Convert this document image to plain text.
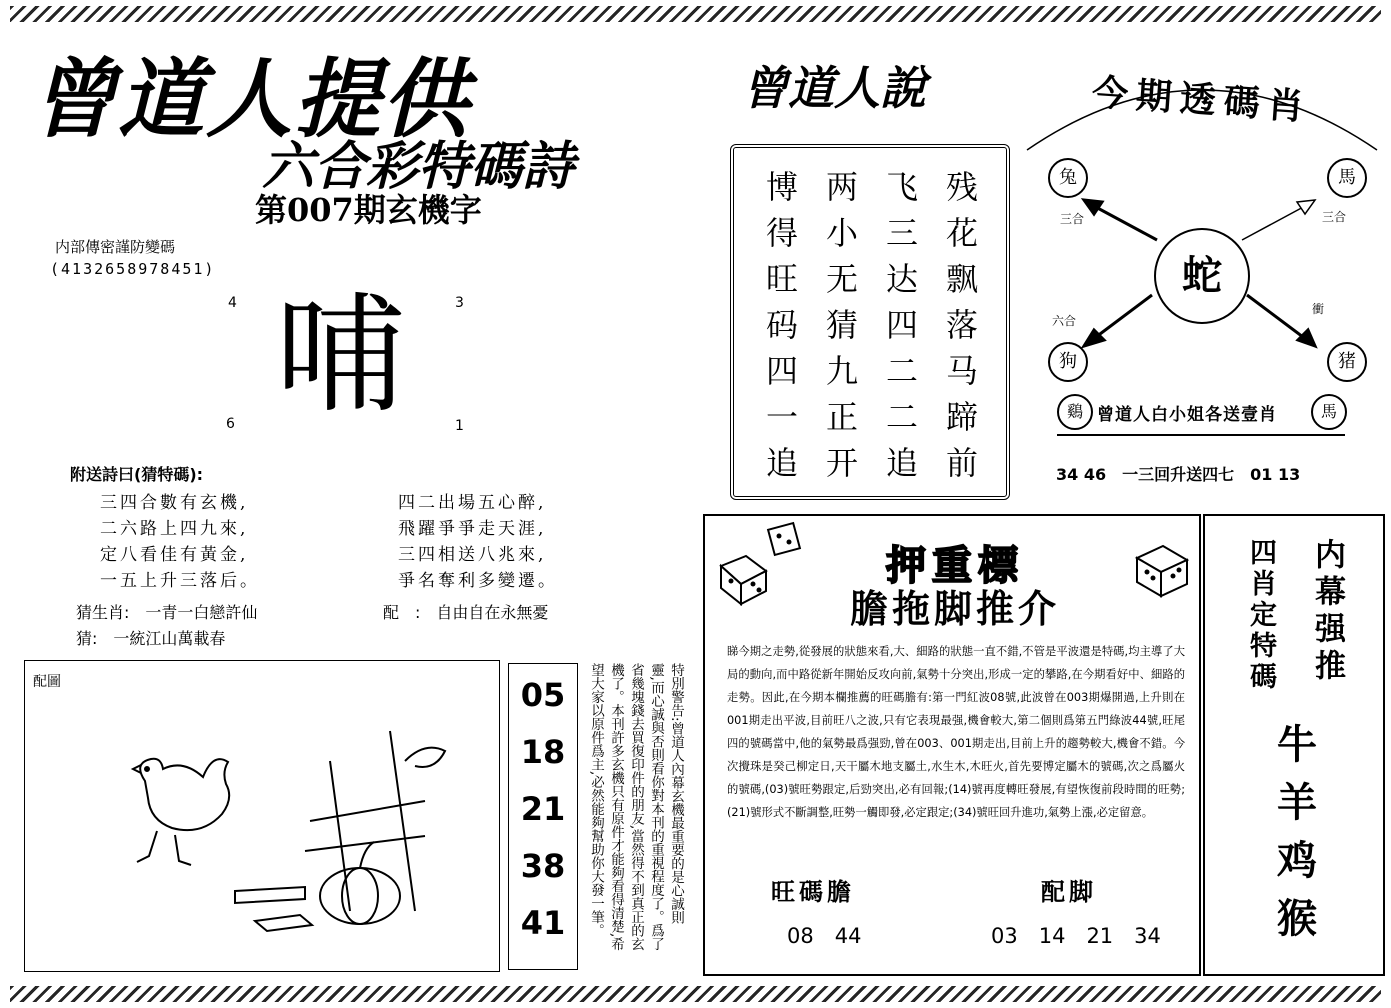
曾道人提供
六合彩特碼詩
第007期玄機字
内部傳密謹防變碼
(4132658978451)
4	3
6	1
哺
附送詩曰(猜特碼):
三四合數有玄機,
二六路上四九來,
定八看佳有黃金,
一五上升三落后。
四二出場五心醉,
飛躍爭爭走天涯,
三四相送八兆來,
爭名奪利多變遷。
猜生肖:　一青一白戀許仙	配　:　自由自在永無憂
猜:　一統江山萬載春
配圖	05
18
21
38
41	特別警告:曾道人內幕玄機最重要的是心誠則
靈,而心誠與否則看你對本刊的重視程度了。爲了
省幾塊錢去買復印件的朋友,當然得不到真正的玄
機了。本刊許多玄機只有原件才能夠看得清楚,希
望大家以原件爲主,必然能夠幫助你大發一筆。
曾道人說
博 两 飞 残
得 小 三 花
旺 无 达 飘
码 猜 四 落
四 九 二 马
一 正 二 蹄
追 开 追 前
今期透碼肖
兔	馬
狗	猪
蛇
三合	三合
六合
衝
鷄 曾道人白小姐各送壹肖	馬
34 46　一三回升送四七　01 13
押重標
膽拖脚推介
睇今期之走勢,從發展的狀態來看,大、細路的狀態一直不錯,不管是平波還是特碼,均主導了大局的動向,而中路從新年開始反攻向前,氣勢十分突出,形成一定的攀路,在今期看好中、細路的走勢。因此,在今期本欄推薦的旺碼膽有:第一門紅波08號,此波曾在003期爆開過,上升則在001期走出平波,目前旺八之波,只有它表現最强,機會較大,第二個則爲第五門綠波44號,旺尾四的號碼當中,他的氣勢最爲强勁,曾在003、001期走出,目前上升的趨勢較大,機會不錯。今次攪珠是癸己柳定日,天干屬木地支屬土,水生木,木旺火,首先要博定屬木的號碼,次之爲屬火的號碼,(03)號旺勢跟定,后勁突出,必有回報;(14)號再度轉旺發展,有望恢復前段時間的旺勢;(21)號形式不斷調整,旺勢一觸即發,必定跟定;(34)號旺回升進功,氣勢上漲,必定留意。
旺碼膽
08　44
配脚
03　14　21　34
内幕强推
四肖定特碼
牛
羊
鸡
猴
